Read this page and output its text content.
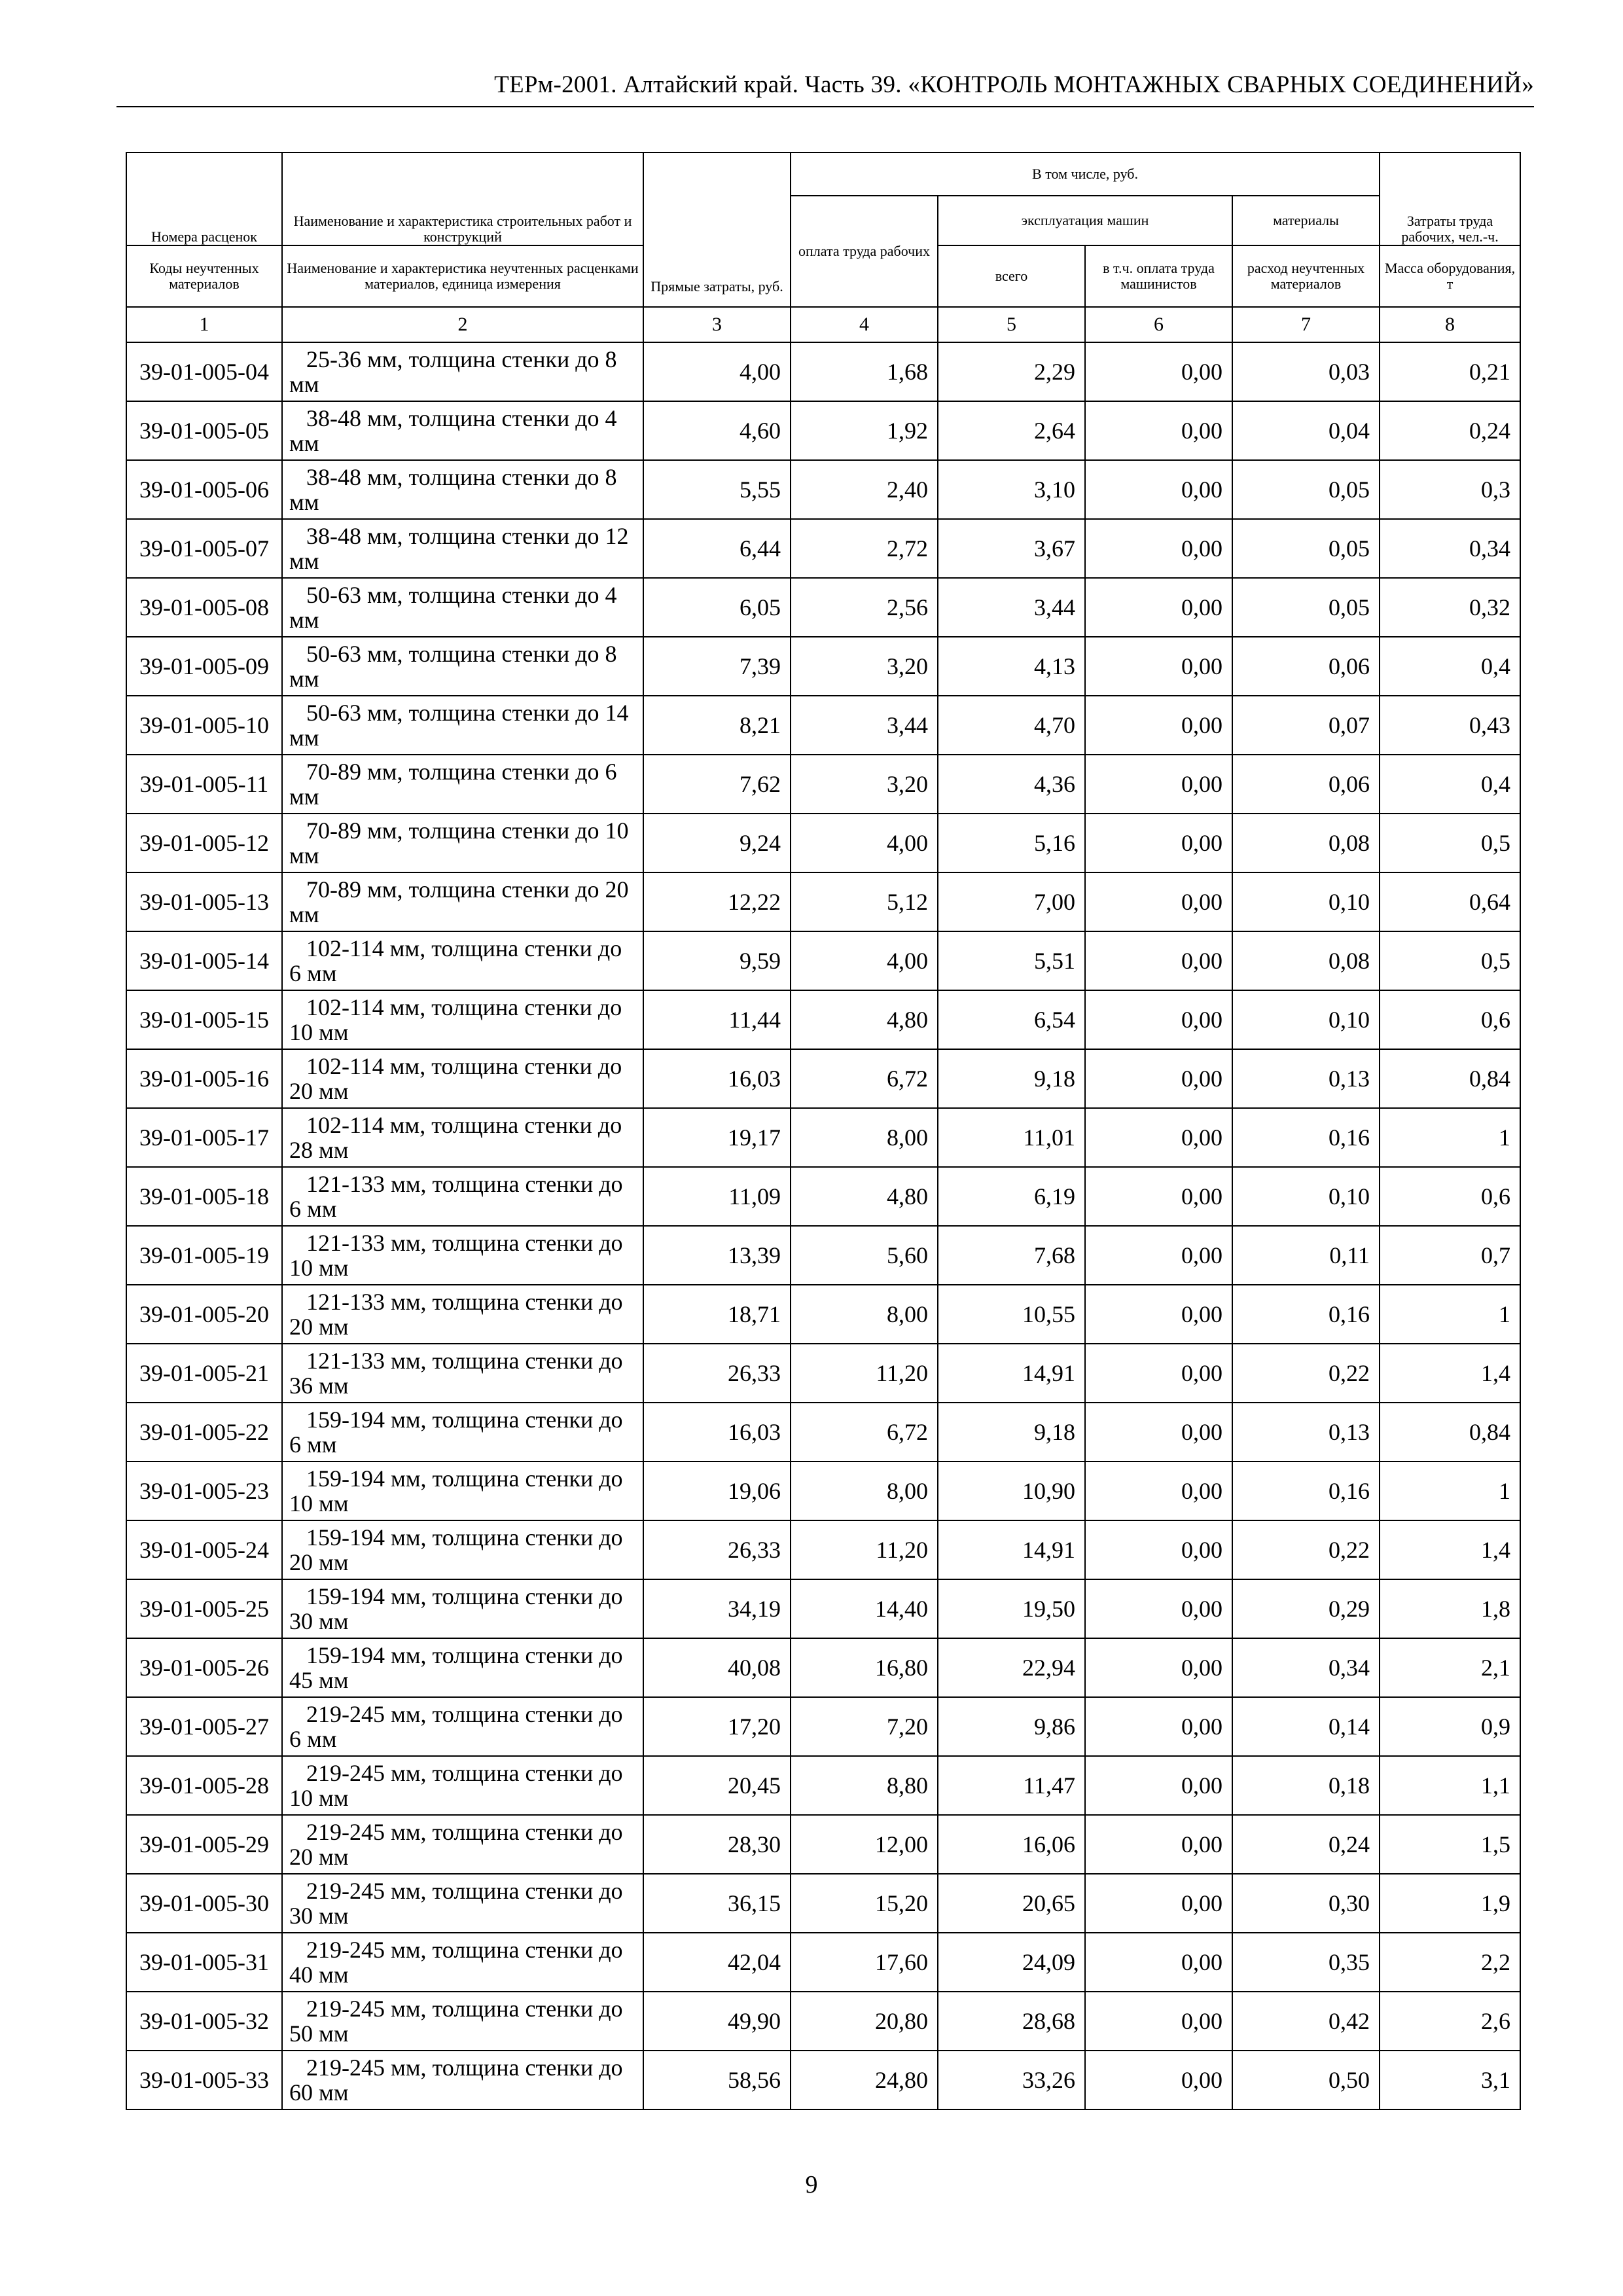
ТЕРм-2001. Алтайский край. Часть 39. «КОНТРОЛЬ МОНТАЖНЫХ СВАРНЫХ СОЕДИНЕНИЙ»
Номера расценок	Наименование и характеристика строительных работ и конструкций	Прямые затраты, руб.	В том числе, руб.				Затраты труда рабочих, чел.-ч.
			оплата труда рабочих	эксплуатация машин		материалы	
Коды неучтенных материалов	Наименование и характеристика неучтенных расценками материалов, единица измерения			всего	в т.ч. оплата труда машинистов	расход неучтенных материалов	Масса оборудования, т
1	2	3	4	5	6	7	8
39-01-005-04	25-36 мм, толщина стенки до 8 мм	4,00	1,68	2,29	0,00	0,03	0,21
39-01-005-05	38-48 мм, толщина стенки до 4 мм	4,60	1,92	2,64	0,00	0,04	0,24
39-01-005-06	38-48 мм, толщина стенки до 8 мм	5,55	2,40	3,10	0,00	0,05	0,3
39-01-005-07	38-48 мм, толщина стенки до 12 мм	6,44	2,72	3,67	0,00	0,05	0,34
39-01-005-08	50-63 мм, толщина стенки до 4 мм	6,05	2,56	3,44	0,00	0,05	0,32
39-01-005-09	50-63 мм, толщина стенки до 8 мм	7,39	3,20	4,13	0,00	0,06	0,4
39-01-005-10	50-63 мм, толщина стенки до 14 мм	8,21	3,44	4,70	0,00	0,07	0,43
39-01-005-11	70-89 мм, толщина стенки до 6 мм	7,62	3,20	4,36	0,00	0,06	0,4
39-01-005-12	70-89 мм, толщина стенки до 10 мм	9,24	4,00	5,16	0,00	0,08	0,5
39-01-005-13	70-89 мм, толщина стенки до 20 мм	12,22	5,12	7,00	0,00	0,10	0,64
39-01-005-14	102-114 мм, толщина стенки до 6 мм	9,59	4,00	5,51	0,00	0,08	0,5
39-01-005-15	102-114 мм, толщина стенки до 10 мм	11,44	4,80	6,54	0,00	0,10	0,6
39-01-005-16	102-114 мм, толщина стенки до 20 мм	16,03	6,72	9,18	0,00	0,13	0,84
39-01-005-17	102-114 мм, толщина стенки до 28 мм	19,17	8,00	11,01	0,00	0,16	1
39-01-005-18	121-133 мм, толщина стенки до 6 мм	11,09	4,80	6,19	0,00	0,10	0,6
39-01-005-19	121-133 мм, толщина стенки до 10 мм	13,39	5,60	7,68	0,00	0,11	0,7
39-01-005-20	121-133 мм, толщина стенки до 20 мм	18,71	8,00	10,55	0,00	0,16	1
39-01-005-21	121-133 мм, толщина стенки до 36 мм	26,33	11,20	14,91	0,00	0,22	1,4
39-01-005-22	159-194 мм, толщина стенки до 6 мм	16,03	6,72	9,18	0,00	0,13	0,84
39-01-005-23	159-194 мм, толщина стенки до 10 мм	19,06	8,00	10,90	0,00	0,16	1
39-01-005-24	159-194 мм, толщина стенки до 20 мм	26,33	11,20	14,91	0,00	0,22	1,4
39-01-005-25	159-194 мм, толщина стенки до 30 мм	34,19	14,40	19,50	0,00	0,29	1,8
39-01-005-26	159-194 мм, толщина стенки до 45 мм	40,08	16,80	22,94	0,00	0,34	2,1
39-01-005-27	219-245 мм, толщина стенки до 6 мм	17,20	7,20	9,86	0,00	0,14	0,9
39-01-005-28	219-245 мм, толщина стенки до 10 мм	20,45	8,80	11,47	0,00	0,18	1,1
39-01-005-29	219-245 мм, толщина стенки до 20 мм	28,30	12,00	16,06	0,00	0,24	1,5
39-01-005-30	219-245 мм, толщина стенки до 30 мм	36,15	15,20	20,65	0,00	0,30	1,9
39-01-005-31	219-245 мм, толщина стенки до 40 мм	42,04	17,60	24,09	0,00	0,35	2,2
39-01-005-32	219-245 мм, толщина стенки до 50 мм	49,90	20,80	28,68	0,00	0,42	2,6
39-01-005-33	219-245 мм, толщина стенки до 60 мм	58,56	24,80	33,26	0,00	0,50	3,1
9
